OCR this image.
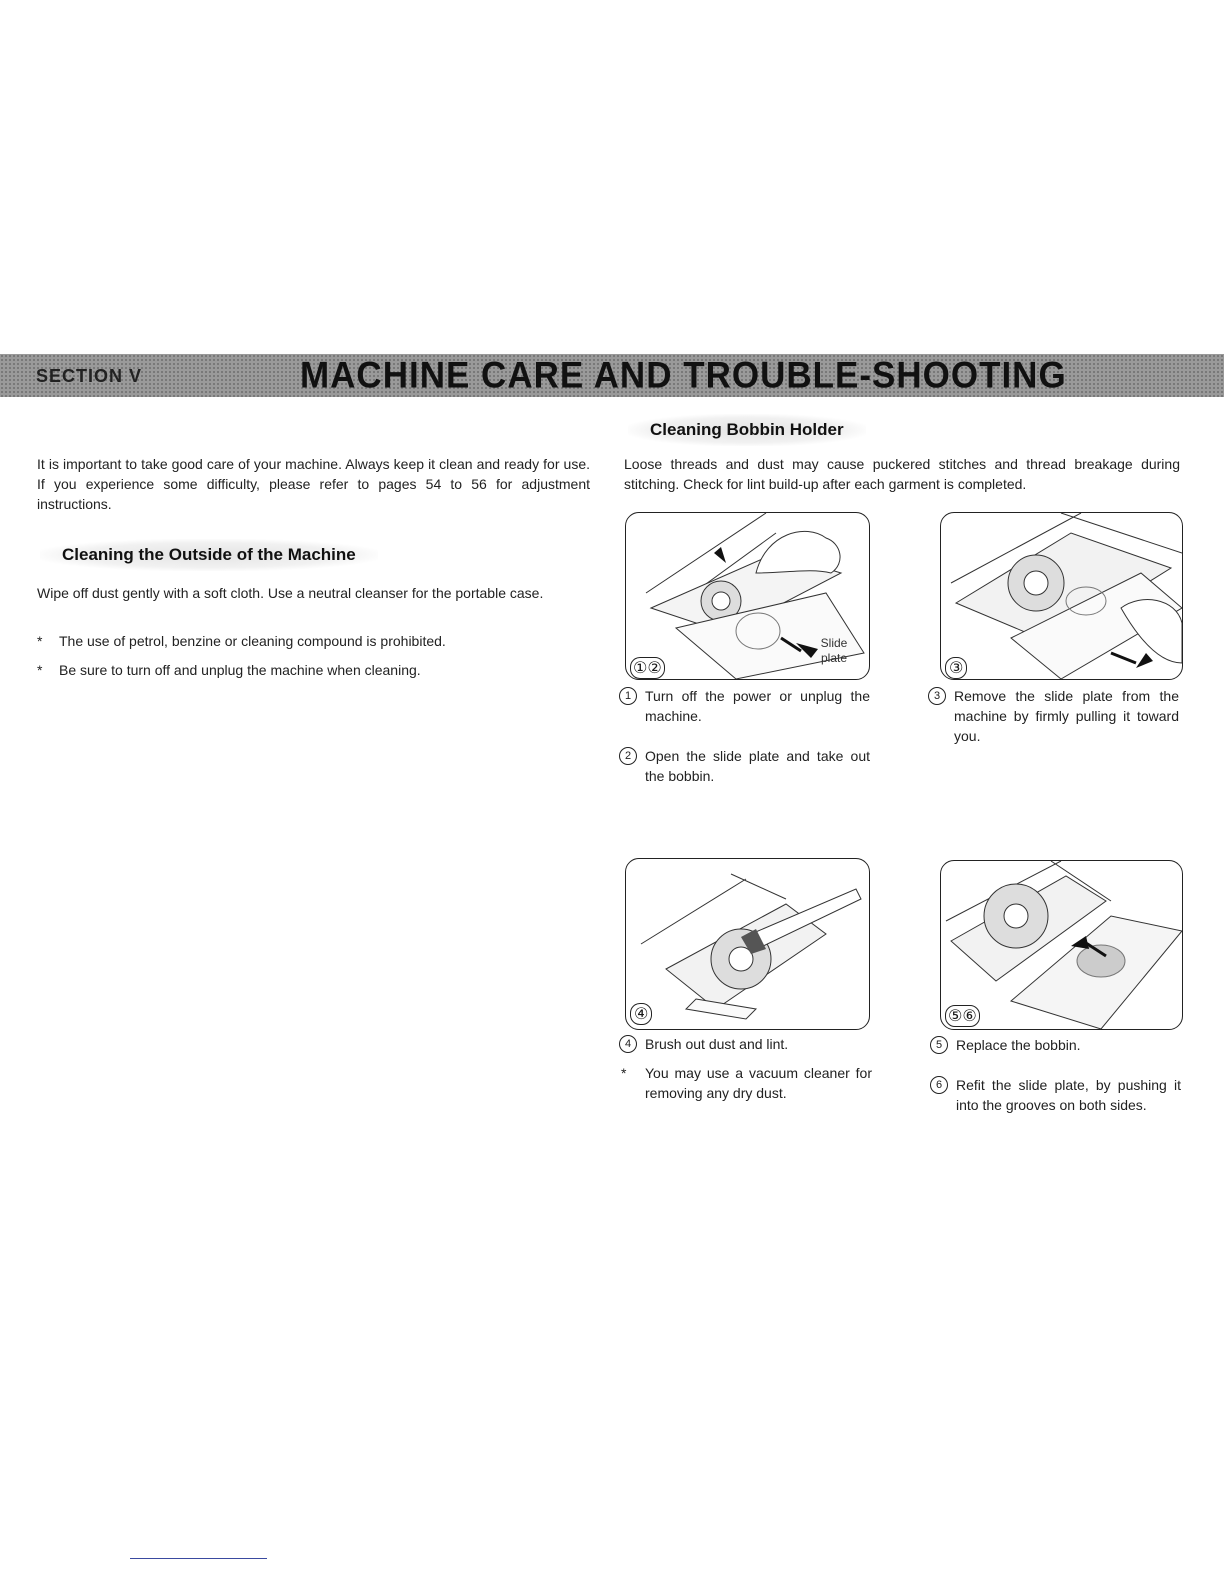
SECTION V	MACHINE CARE AND TROUBLE-SHOOTING

It is important to take good care of your machine. Always keep it clean and ready for use. If you experience some difficulty, please refer to pages 54 to 56 for adjustment instructions.

Cleaning the Outside of the Machine

Wipe off dust gently with a soft cloth. Use a neutral cleanser for the portable case.

*	The use of petrol, benzine or cleaning compound is prohibited.
*	Be sure to turn off and unplug the machine when cleaning.
Cleaning Bobbin Holder

Loose threads and dust may cause puckered stitches and thread breakage during stitching. Check for lint build-up after each garment is completed.

Slide
plate
①②	③
1 Turn off the power or unplug the machine.
2 Open the slide plate and take out the bobbin.
3 Remove the slide plate from the machine by firmly pulling it toward you.
④	⑤⑥
4 Brush out dust and lint.
*	You may use a vacuum cleaner for removing any dry dust.
5 Replace the bobbin.
6 Refit the slide plate, by pushing it into the grooves on both sides.
